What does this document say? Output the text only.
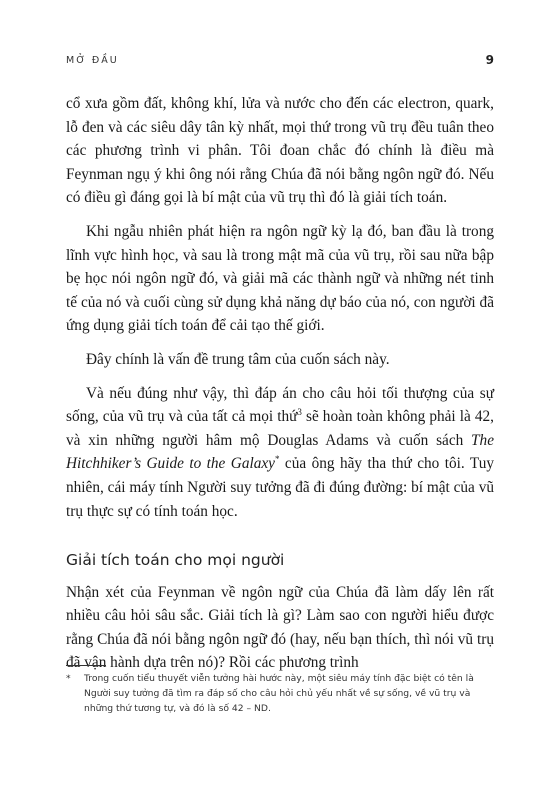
MỞ ĐẦU	9

cổ xưa gồm đất, không khí, lửa và nước cho đến các electron, quark, lỗ đen và các siêu dây tân kỳ nhất, mọi thứ trong vũ trụ đều tuân theo các phương trình vi phân. Tôi đoan chắc đó chính là điều mà Feynman ngụ ý khi ông nói rằng Chúa đã nói bằng ngôn ngữ đó. Nếu có điều gì đáng gọi là bí mật của vũ trụ thì đó là giải tích toán.

Khi ngẫu nhiên phát hiện ra ngôn ngữ kỳ lạ đó, ban đầu là trong lĩnh vực hình học, và sau là trong mật mã của vũ trụ, rồi sau nữa bập bẹ học nói ngôn ngữ đó, và giải mã các thành ngữ và những nét tinh tế của nó và cuối cùng sử dụng khả năng dự báo của nó, con người đã ứng dụng giải tích toán để cải tạo thế giới.

Đây chính là vấn đề trung tâm của cuốn sách này.

Và nếu đúng như vậy, thì đáp án cho câu hỏi tối thượng của sự sống, của vũ trụ và của tất cả mọi thứ$^3$ sẽ hoàn toàn không phải là 42, và xin những người hâm mộ Douglas Adams và cuốn sách The Hitchhiker’s Guide to the Galaxy* của ông hãy tha thứ cho tôi. Tuy nhiên, cái máy tính Người suy tưởng đã đi đúng đường: bí mật của vũ trụ thực sự có tính toán học.

Giải tích toán cho mọi người

Nhận xét của Feynman về ngôn ngữ của Chúa đã làm dấy lên rất nhiều câu hỏi sâu sắc. Giải tích là gì? Làm sao con người hiểu được rằng Chúa đã nói bằng ngôn ngữ đó (hay, nếu bạn thích, thì nói vũ trụ đã vận hành dựa trên nó)? Rồi các phương trình

* Trong cuốn tiểu thuyết viễn tưởng hài hước này, một siêu máy tính đặc biệt có tên là Người suy tưởng đã tìm ra đáp số cho câu hỏi chủ yếu nhất về sự sống, về vũ trụ và những thứ tương tự, và đó là số 42 – ND.
